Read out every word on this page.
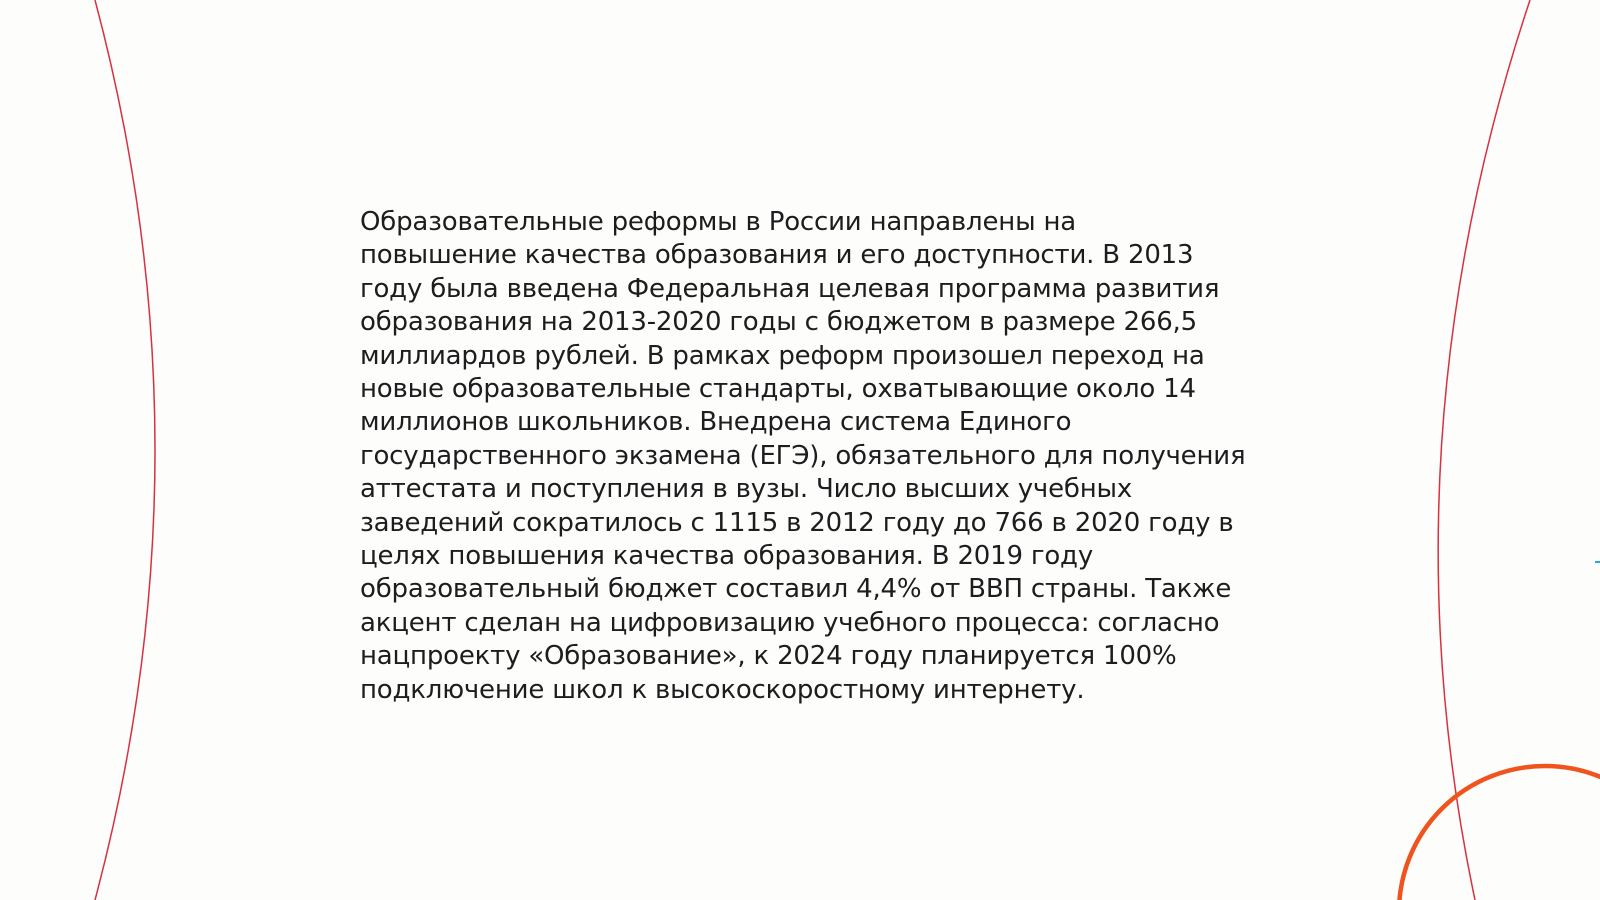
Образовательные реформы в России направлены на
повышение качества образования и его доступности. В 2013
году была введена Федеральная целевая программа развития
образования на 2013-2020 годы с бюджетом в размере 266,5
миллиардов рублей. В рамках реформ произошел переход на
новые образовательные стандарты, охватывающие около 14
миллионов школьников. Внедрена система Единого
государственного экзамена (ЕГЭ), обязательного для получения
аттестата и поступления в вузы. Число высших учебных
заведений сократилось с 1115 в 2012 году до 766 в 2020 году в
целях повышения качества образования. В 2019 году
образовательный бюджет составил 4,4% от ВВП страны. Также
акцент сделан на цифровизацию учебного процесса: согласно
нацпроекту «Образование», к 2024 году планируется 100%
подключение школ к высокоскоростному интернету.
